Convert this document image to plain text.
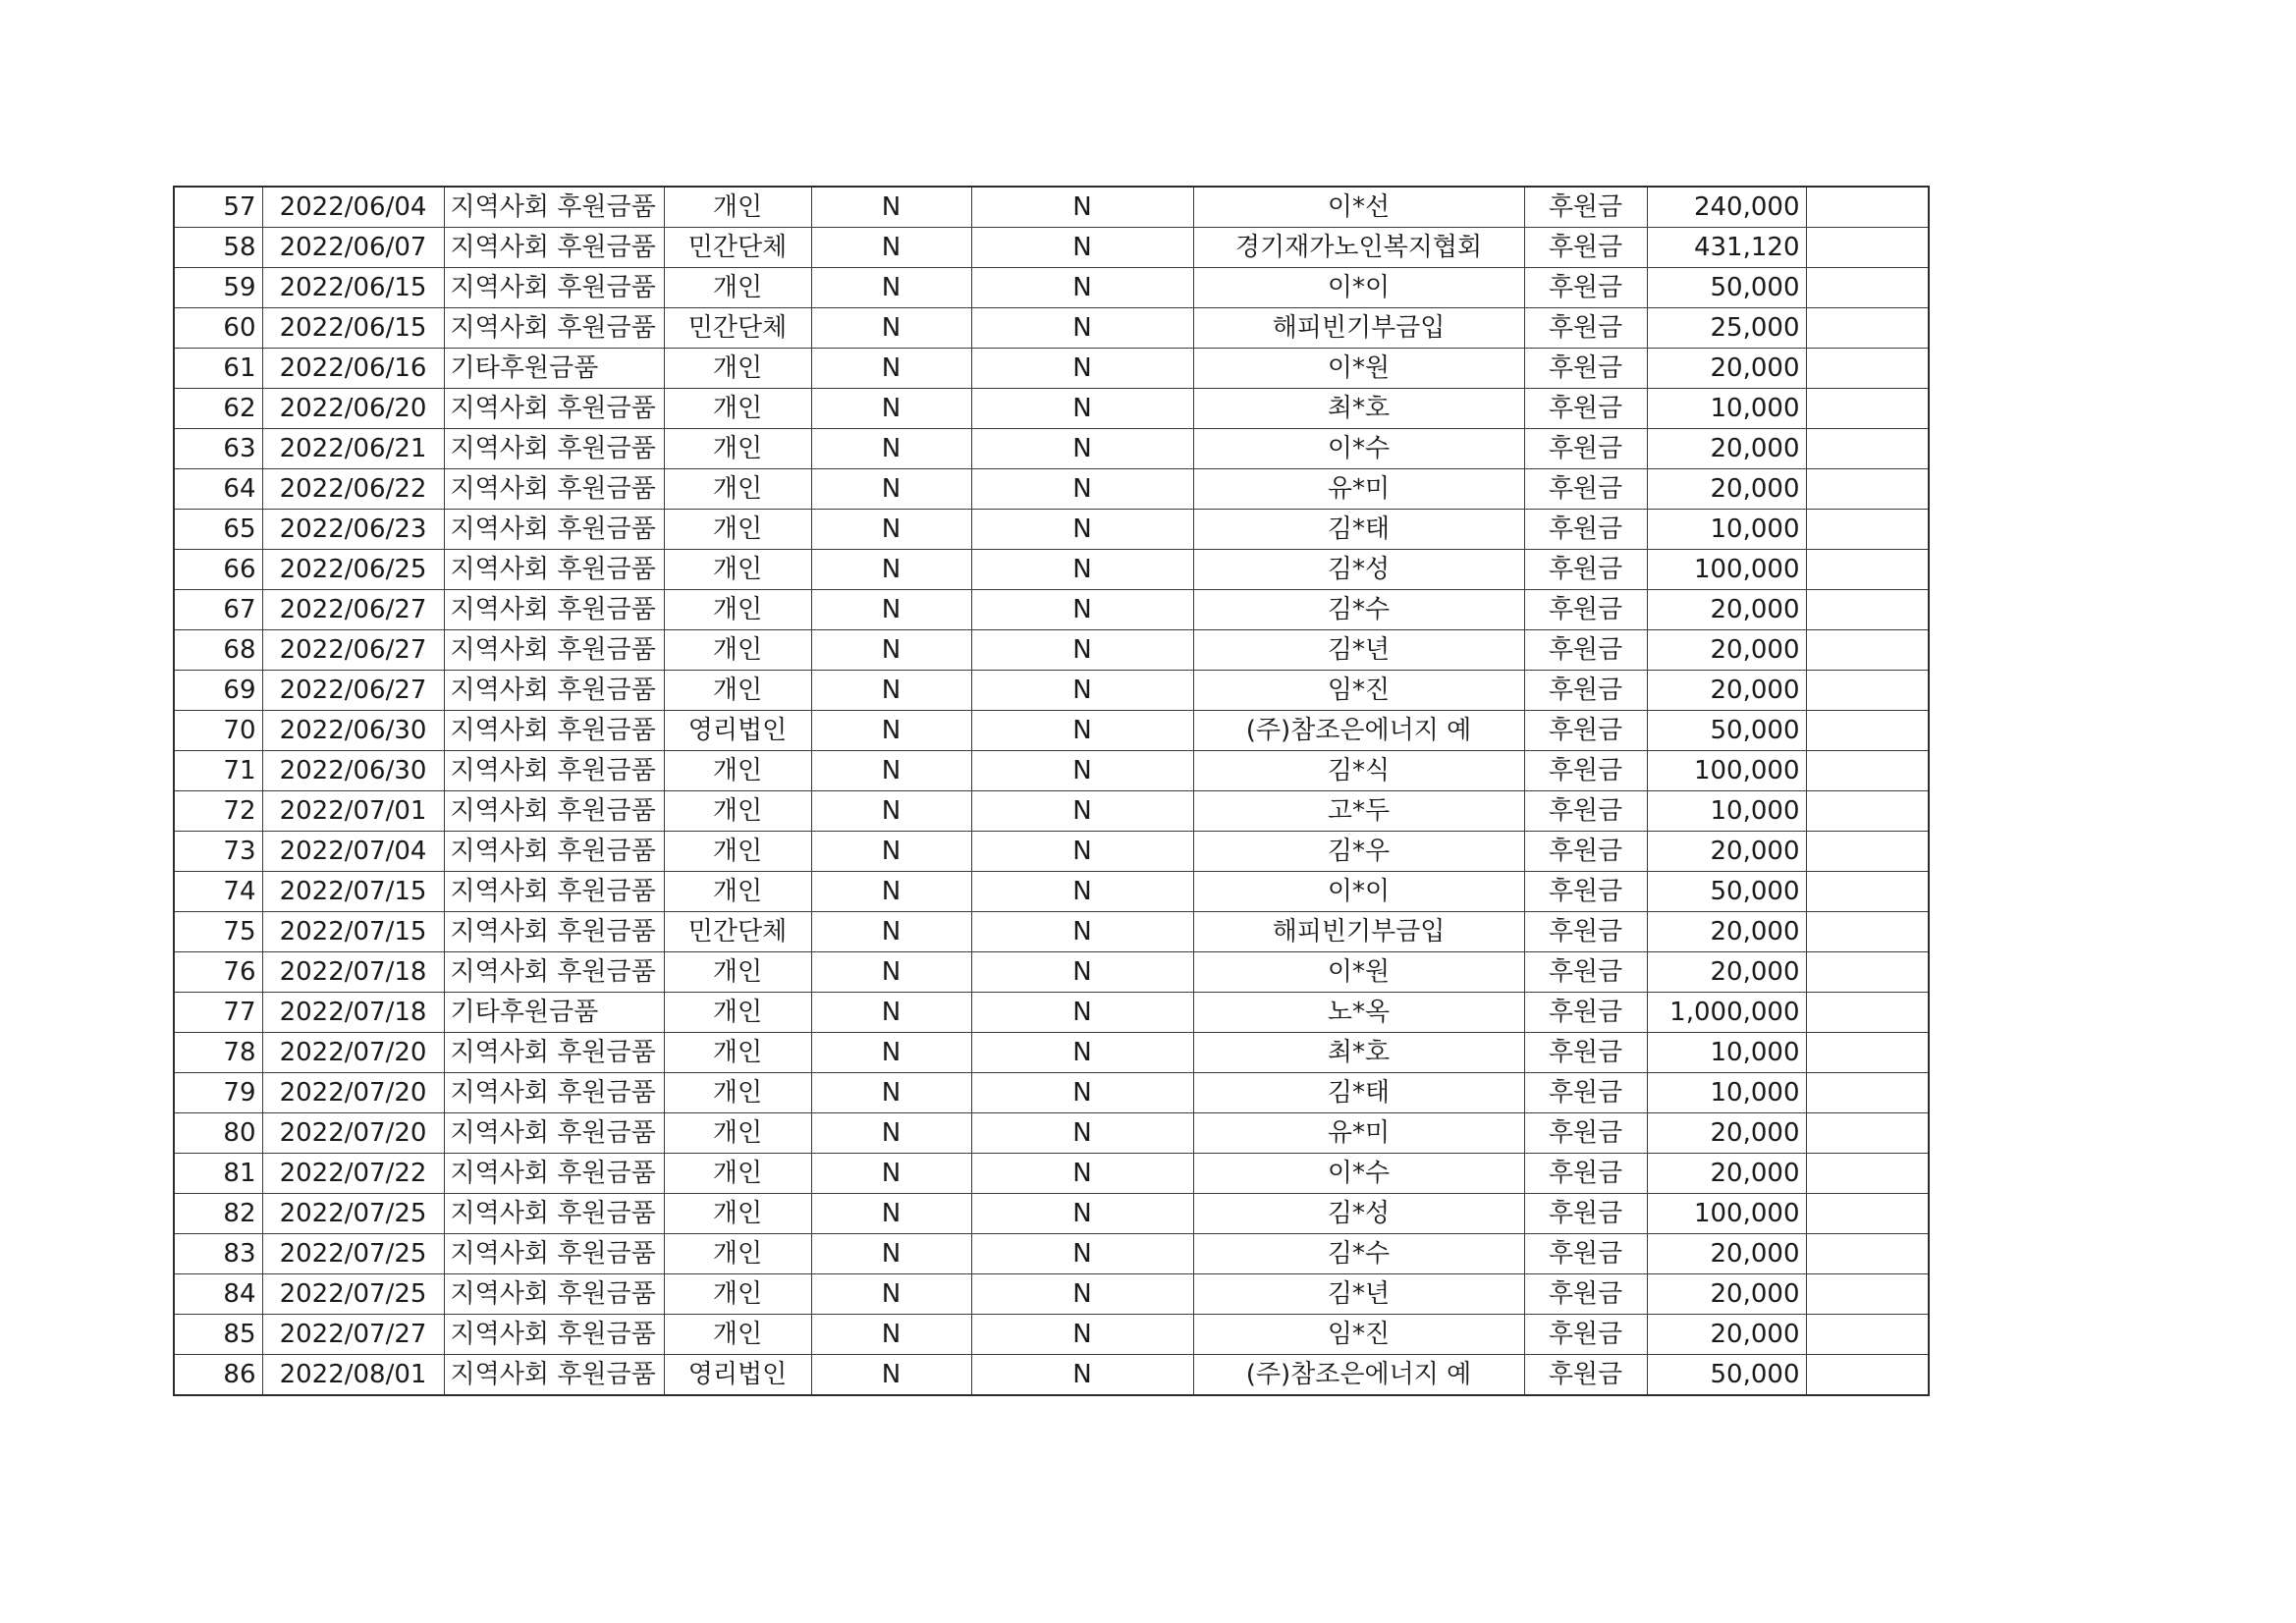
57	2022/06/04	지역사회 후원금품	개인	N	N	이*선	후원금	240,000	
58	2022/06/07	지역사회 후원금품	민간단체	N	N	경기재가노인복지협회	후원금	431,120	
59	2022/06/15	지역사회 후원금품	개인	N	N	이*이	후원금	50,000	
60	2022/06/15	지역사회 후원금품	민간단체	N	N	해피빈기부금입	후원금	25,000	
61	2022/06/16	기타후원금품	개인	N	N	이*원	후원금	20,000	
62	2022/06/20	지역사회 후원금품	개인	N	N	최*호	후원금	10,000	
63	2022/06/21	지역사회 후원금품	개인	N	N	이*수	후원금	20,000	
64	2022/06/22	지역사회 후원금품	개인	N	N	유*미	후원금	20,000	
65	2022/06/23	지역사회 후원금품	개인	N	N	김*태	후원금	10,000	
66	2022/06/25	지역사회 후원금품	개인	N	N	김*성	후원금	100,000	
67	2022/06/27	지역사회 후원금품	개인	N	N	김*수	후원금	20,000	
68	2022/06/27	지역사회 후원금품	개인	N	N	김*년	후원금	20,000	
69	2022/06/27	지역사회 후원금품	개인	N	N	임*진	후원금	20,000	
70	2022/06/30	지역사회 후원금품	영리법인	N	N	(주)참조은에너지 예	후원금	50,000	
71	2022/06/30	지역사회 후원금품	개인	N	N	김*식	후원금	100,000	
72	2022/07/01	지역사회 후원금품	개인	N	N	고*두	후원금	10,000	
73	2022/07/04	지역사회 후원금품	개인	N	N	김*우	후원금	20,000	
74	2022/07/15	지역사회 후원금품	개인	N	N	이*이	후원금	50,000	
75	2022/07/15	지역사회 후원금품	민간단체	N	N	해피빈기부금입	후원금	20,000	
76	2022/07/18	지역사회 후원금품	개인	N	N	이*원	후원금	20,000	
77	2022/07/18	기타후원금품	개인	N	N	노*옥	후원금	1,000,000	
78	2022/07/20	지역사회 후원금품	개인	N	N	최*호	후원금	10,000	
79	2022/07/20	지역사회 후원금품	개인	N	N	김*태	후원금	10,000	
80	2022/07/20	지역사회 후원금품	개인	N	N	유*미	후원금	20,000	
81	2022/07/22	지역사회 후원금품	개인	N	N	이*수	후원금	20,000	
82	2022/07/25	지역사회 후원금품	개인	N	N	김*성	후원금	100,000	
83	2022/07/25	지역사회 후원금품	개인	N	N	김*수	후원금	20,000	
84	2022/07/25	지역사회 후원금품	개인	N	N	김*년	후원금	20,000	
85	2022/07/27	지역사회 후원금품	개인	N	N	임*진	후원금	20,000	
86	2022/08/01	지역사회 후원금품	영리법인	N	N	(주)참조은에너지 예	후원금	50,000	
